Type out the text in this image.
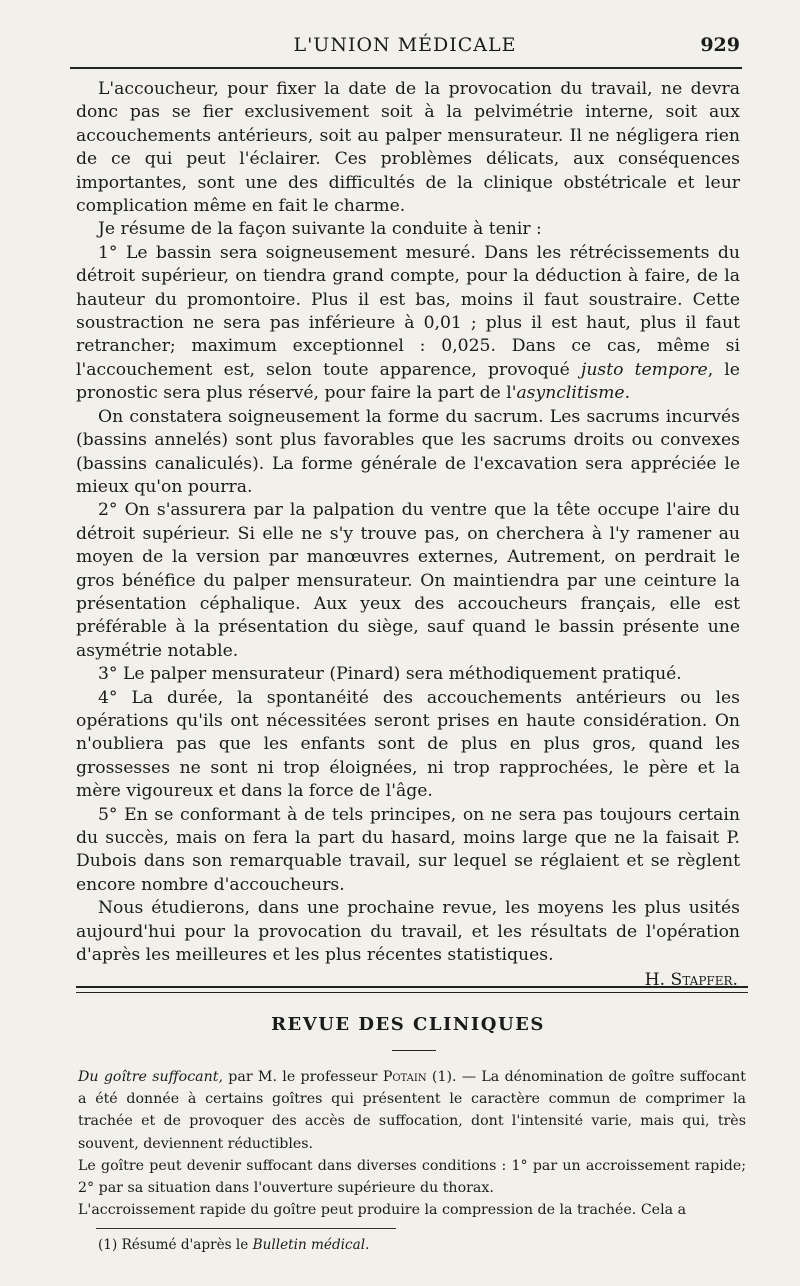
L'UNION MÉDICALE	929

L'accoucheur, pour fixer la date de la provocation du travail, ne devra donc pas se fier exclusivement soit à la pelvimétrie interne, soit aux accouchements antérieurs, soit au palper mensurateur. Il ne négligera rien de ce qui peut l'éclairer. Ces problèmes délicats, aux conséquences importantes, sont une des difficultés de la clinique obstétricale et leur complication même en fait le charme.

Je résume de la façon suivante la conduite à tenir :

1° Le bassin sera soigneusement mesuré. Dans les rétrécissements du détroit supérieur, on tiendra grand compte, pour la déduction à faire, de la hauteur du promontoire. Plus il est bas, moins il faut soustraire. Cette soustraction ne sera pas inférieure à 0,01 ; plus il est haut, plus il faut retrancher; maximum exceptionnel : 0,025. Dans ce cas, même si l'accouchement est, selon toute apparence, provoqué justo tempore, le pronostic sera plus réservé, pour faire la part de l'asynclitisme.

On constatera soigneusement la forme du sacrum. Les sacrums incurvés (bassins annelés) sont plus favorables que les sacrums droits ou convexes (bassins canaliculés). La forme générale de l'excavation sera appréciée le mieux qu'on pourra.

2° On s'assurera par la palpation du ventre que la tête occupe l'aire du détroit supérieur. Si elle ne s'y trouve pas, on cherchera à l'y ramener au moyen de la version par manœuvres externes, Autrement, on perdrait le gros bénéfice du palper mensurateur. On maintiendra par une ceinture la présentation céphalique. Aux yeux des accoucheurs français, elle est préférable à la présentation du siège, sauf quand le bassin présente une asymétrie notable.

3° Le palper mensurateur (Pinard) sera méthodiquement pratiqué.

4° La durée, la spontanéité des accouchements antérieurs ou les opérations qu'ils ont nécessitées seront prises en haute considération. On n'oubliera pas que les enfants sont de plus en plus gros, quand les grossesses ne sont ni trop éloignées, ni trop rapprochées, le père et la mère vigoureux et dans la force de l'âge.

5° En se conformant à de tels principes, on ne sera pas toujours certain du succès, mais on fera la part du hasard, moins large que ne la faisait P. Dubois dans son remarquable travail, sur lequel se réglaient et se règlent encore nombre d'accoucheurs.

Nous étudierons, dans une prochaine revue, les moyens les plus usités aujourd'hui pour la provocation du travail, et les résultats de l'opération d'après les meilleures et les plus récentes statistiques.

H. Stapfer.
REVUE DES CLINIQUES

Du goître suffocant, par M. le professeur Potain (1). — La dénomination de goître suffocant a été donnée à certains goîtres qui présentent le caractère commun de comprimer la trachée et de provoquer des accès de suffocation, dont l'intensité varie, mais qui, très souvent, deviennent réductibles.

Le goître peut devenir suffocant dans diverses conditions : 1° par un accroissement rapide; 2° par sa situation dans l'ouverture supérieure du thorax.

L'accroissement rapide du goître peut produire la compression de la trachée. Cela a

(1) Résumé d'après le Bulletin médical.
